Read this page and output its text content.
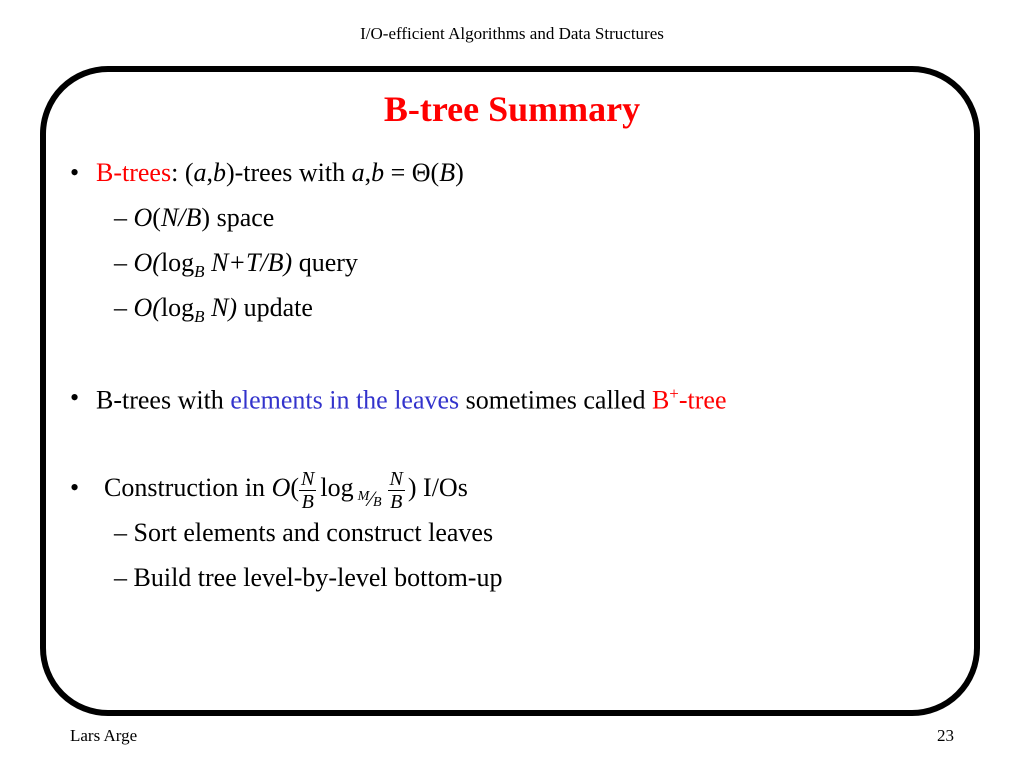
I/O-efficient Algorithms and Data Structures
B-tree Summary
• B-trees: (a,b)-trees with a,b = Θ(B)
– O(N/B) space
– $O(\log_B$ N+T/B) query
– $O(\log_B$ N) update
• B-trees with elements in the leaves sometimes called B+-tree
• Construction in $O( \frac{N}{B}$ log M⁄B $\frac{N}{B}$ ) I/Os
– Sort elements and construct leaves
– Build tree level-by-level bottom-up
Lars Arge	23
